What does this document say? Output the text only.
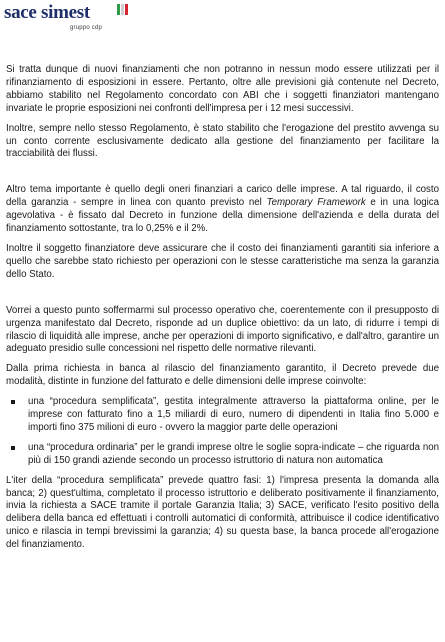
sace simest
gruppo cdp

Si tratta dunque di nuovi finanziamenti che non potranno in nessun modo essere utilizzati per il rifinanziamento di esposizioni in essere. Pertanto, oltre alle previsioni già contenute nel Decreto, abbiamo stabilito nel Regolamento concordato con ABI che i soggetti finanziatori mantengano invariate le proprie esposizioni nei confronti dell'impresa per i 12 mesi successivi.

Inoltre, sempre nello stesso Regolamento, è stato stabilito che l'erogazione del prestito avvenga su un conto corrente esclusivamente dedicato alla gestione del finanziamento per facilitare la tracciabilità dei flussi.

Altro tema importante è quello degli oneri finanziari a carico delle imprese. A tal riguardo, il costo della garanzia - sempre in linea con quanto previsto nel Temporary Framework e in una logica agevolativa - è fissato dal Decreto in funzione della dimensione dell'azienda e della durata del finanziamento sottostante, tra lo 0,25% e il 2%.

Inoltre il soggetto finanziatore deve assicurare che il costo dei finanziamenti garantiti sia inferiore a quello che sarebbe stato richiesto per operazioni con le stesse caratteristiche ma senza la garanzia dello Stato.

Vorrei a questo punto soffermarmi sul processo operativo che, coerentemente con il presupposto di urgenza manifestato dal Decreto, risponde ad un duplice obiettivo: da un lato, di ridurre i tempi di rilascio di liquidità alle imprese, anche per operazioni di importo significativo, e dall'altro, garantire un adeguato presidio sulle concessioni nel rispetto delle normative rilevanti.

Dalla prima richiesta in banca al rilascio del finanziamento garantito, il Decreto prevede due modalità, distinte in funzione del fatturato e delle dimensioni delle imprese coinvolte:

una “procedura semplificata”, gestita integralmente attraverso la piattaforma online, per le imprese con fatturato fino a 1,5 miliardi di euro, numero di dipendenti in Italia fino 5.000 e importi fino 375 milioni di euro - ovvero la maggior parte delle operazioni
una “procedura ordinaria” per le grandi imprese oltre le soglie sopra-indicate – che riguarda non più di 150 grandi aziende secondo un processo istruttorio di natura non automatica

L'iter della “procedura semplificata” prevede quattro fasi: 1) l'impresa presenta la domanda alla banca; 2) quest'ultima, completato il processo istruttorio e deliberato positivamente il finanziamento, invia la richiesta a SACE tramite il portale Garanzia Italia; 3) SACE, verificato l'esito positivo della delibera della banca ed effettuati i controlli automatici di conformità, attribuisce il codice identificativo unico e rilascia in tempi brevissimi la garanzia; 4) su questa base, la banca procede all'erogazione del finanziamento.
